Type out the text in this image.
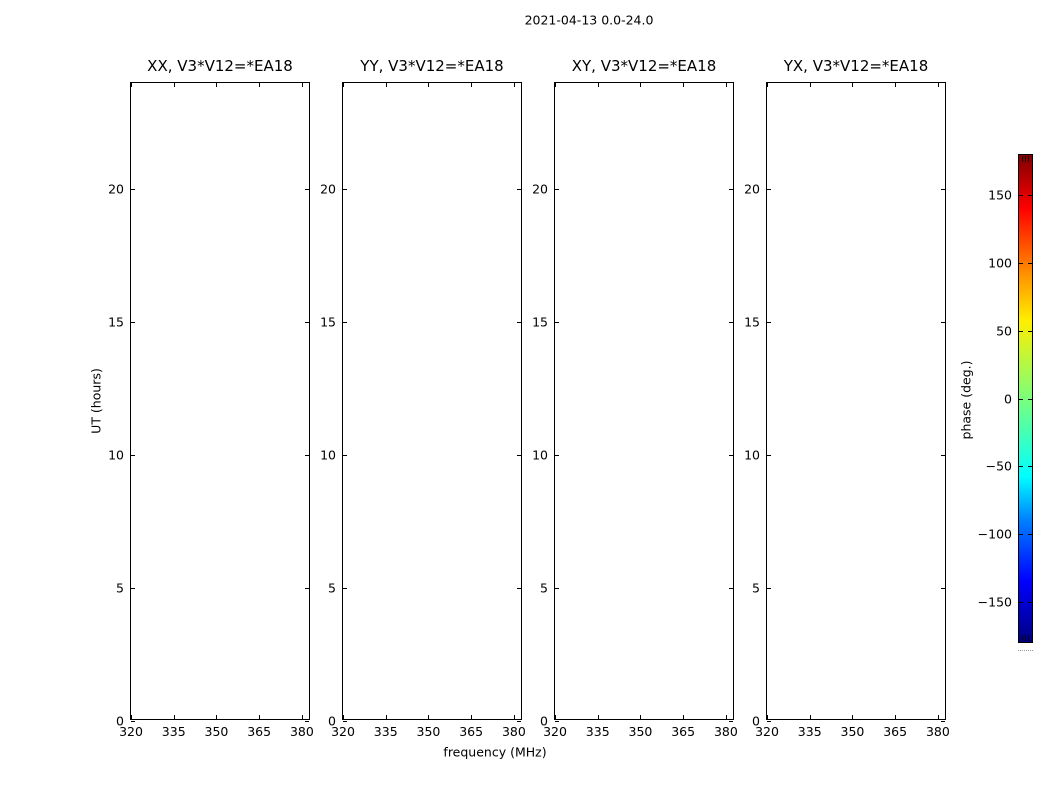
2021-04-13 0.0-24.0
UT (hours)
XX, V3*V12=*EA18
320 335 350 365 380
0
5
10
15
20
YY, V3*V12=*EA18
320 335 350 365 380
0
5
10
15
20
XY, V3*V12=*EA18
320 335 350 365 380
0
5
10
15
20
YX, V3*V12=*EA18
320 335 350 365 380
0
5
10
15
20
frequency (MHz)
150
100
50
0
−50
−100
−150
phase (deg.)
